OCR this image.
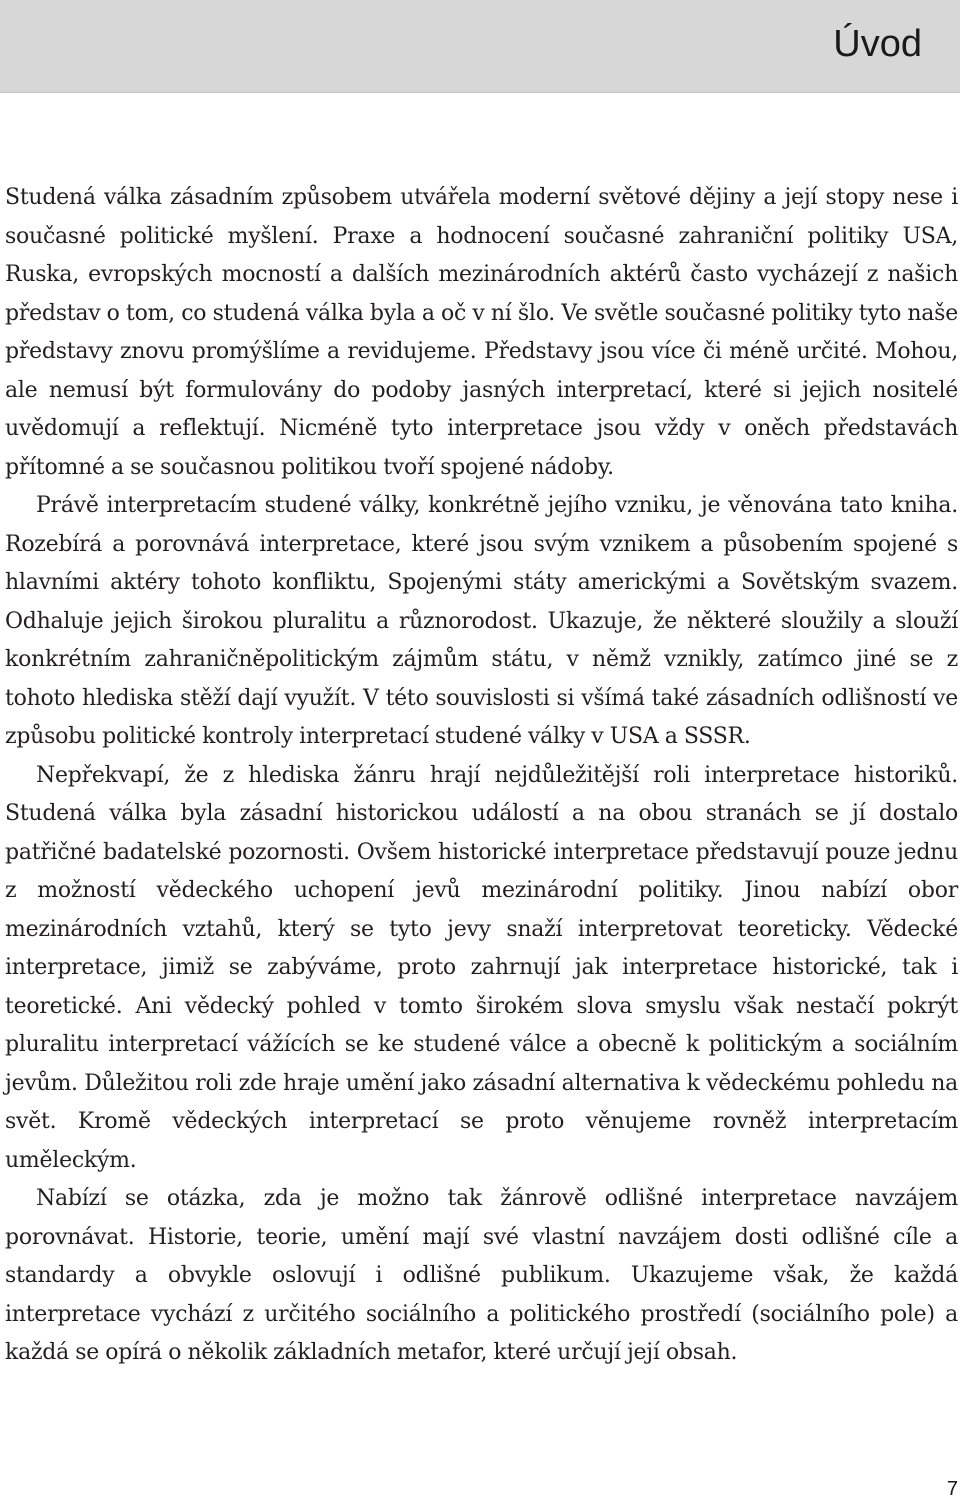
Úvod

Studená válka zásadním způsobem utvářela moderní světové dějiny a její stopy nese i současné politické myšlení. Praxe a hodnocení současné zahraniční politiky USA, Ruska, evropských mocností a dalších mezinárodních aktérů často vycházejí z našich představ o tom, co studená válka byla a oč v ní šlo. Ve světle současné politiky tyto naše představy znovu promýšlíme a revidujeme. Představy jsou více či méně určité. Mohou, ale nemusí být formulovány do podoby jasných interpretací, které si jejich nositelé uvědomují a reflektují. Nicméně tyto interpretace jsou vždy v oněch představách přítomné a se současnou politikou tvoří spojené nádoby.

Právě interpretacím studené války, konkrétně jejího vzniku, je věnována tato kniha. Rozebírá a porovnává interpretace, které jsou svým vznikem a působením spojené s hlavními aktéry tohoto konfliktu, Spojenými státy americkými a Sovětským svazem. Odhaluje jejich širokou pluralitu a různorodost. Ukazuje, že některé sloužily a slouží konkrétním zahraničněpolitickým zájmům státu, v němž vznikly, zatímco jiné se z tohoto hlediska stěží dají využít. V této souvislosti si všímá také zásadních odlišností ve způsobu politické kontroly interpretací studené války v USA a SSSR.

Nepřekvapí, že z hlediska žánru hrají nejdůležitější roli interpretace historiků. Studená válka byla zásadní historickou událostí a na obou stranách se jí dostalo patřičné badatelské pozornosti. Ovšem historické interpretace představují pouze jednu z možností vědeckého uchopení jevů mezinárodní politiky. Jinou nabízí obor mezinárodních vztahů, který se tyto jevy snaží interpretovat teoreticky. Vědecké interpretace, jimiž se zabýváme, proto zahrnují jak interpretace historické, tak i teoretické. Ani vědecký pohled v tomto širokém slova smyslu však nestačí pokrýt pluralitu interpretací vážících se ke studené válce a obecně k politickým a sociálním jevům. Důležitou roli zde hraje umění jako zásadní alternativa k vědeckému pohledu na svět. Kromě vědeckých interpretací se proto věnujeme rovněž interpretacím uměleckým.

Nabízí se otázka, zda je možno tak žánrově odlišné interpretace navzájem porovnávat. Historie, teorie, umění mají své vlastní navzájem dosti odlišné cíle a standardy a obvykle oslovují i odlišné publikum. Ukazujeme však, že každá interpretace vychází z určitého sociálního a politického prostředí (sociálního pole) a každá se opírá o několik základních metafor, které určují její obsah.

7
